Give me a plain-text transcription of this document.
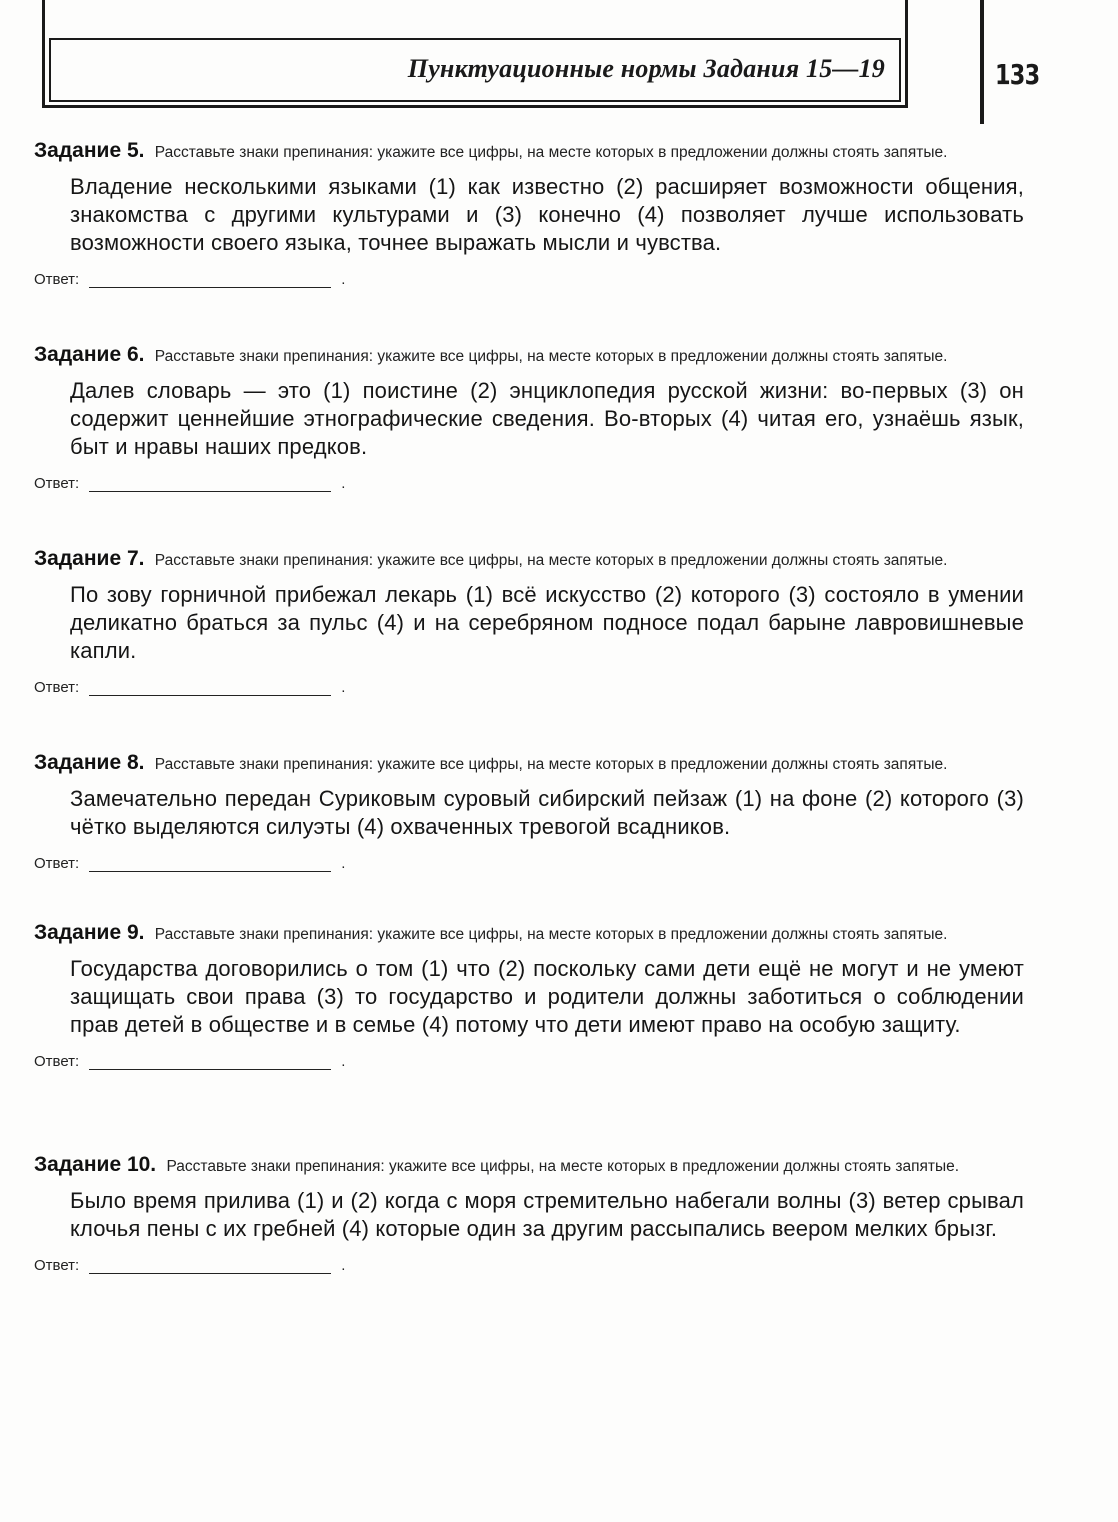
Пунктуационные нормы Задания 15—19	133
Задание 5. Расставьте знаки препинания: укажите все цифры, на месте которых в предложении должны стоять запятые.
Владение несколькими языками (1) как известно (2) расширяет возможности общения, знакомства с другими культурами и (3) конечно (4) позволяет лучше использовать возможности своего языка, точнее выражать мысли и чувства.
Ответ:	.
Задание 6. Расставьте знаки препинания: укажите все цифры, на месте которых в предложении должны стоять запятые.
Далев словарь — это (1) поистине (2) энциклопедия русской жизни: во-первых (3) он содержит ценнейшие этнографические сведения. Во-вторых (4) читая его, узнаёшь язык, быт и нравы наших предков.
Ответ:	.
Задание 7. Расставьте знаки препинания: укажите все цифры, на месте которых в предложении должны стоять запятые.
По зову горничной прибежал лекарь (1) всё искусство (2) которого (3) состояло в умении деликатно браться за пульс (4) и на серебряном подносе подал барыне лавровишневые капли.
Ответ:	.
Задание 8. Расставьте знаки препинания: укажите все цифры, на месте которых в предложении должны стоять запятые.
Замечательно передан Суриковым суровый сибирский пейзаж (1) на фоне (2) которого (3) чётко выделяются силуэты (4) охваченных тревогой всадников.
Ответ:	.
Задание 9. Расставьте знаки препинания: укажите все цифры, на месте которых в предложении должны стоять запятые.
Государства договорились о том (1) что (2) поскольку сами дети ещё не могут и не умеют защищать свои права (3) то государство и родители должны заботиться о соблюдении прав детей в обществе и в семье (4) потому что дети имеют право на особую защиту.
Ответ:	.
Задание 10. Расставьте знаки препинания: укажите все цифры, на месте которых в предложении должны стоять запятые.
Было время прилива (1) и (2) когда с моря стремительно набегали волны (3) ветер срывал клочья пены с их гребней (4) которые один за другим рассыпались веером мелких брызг.
Ответ:	.
